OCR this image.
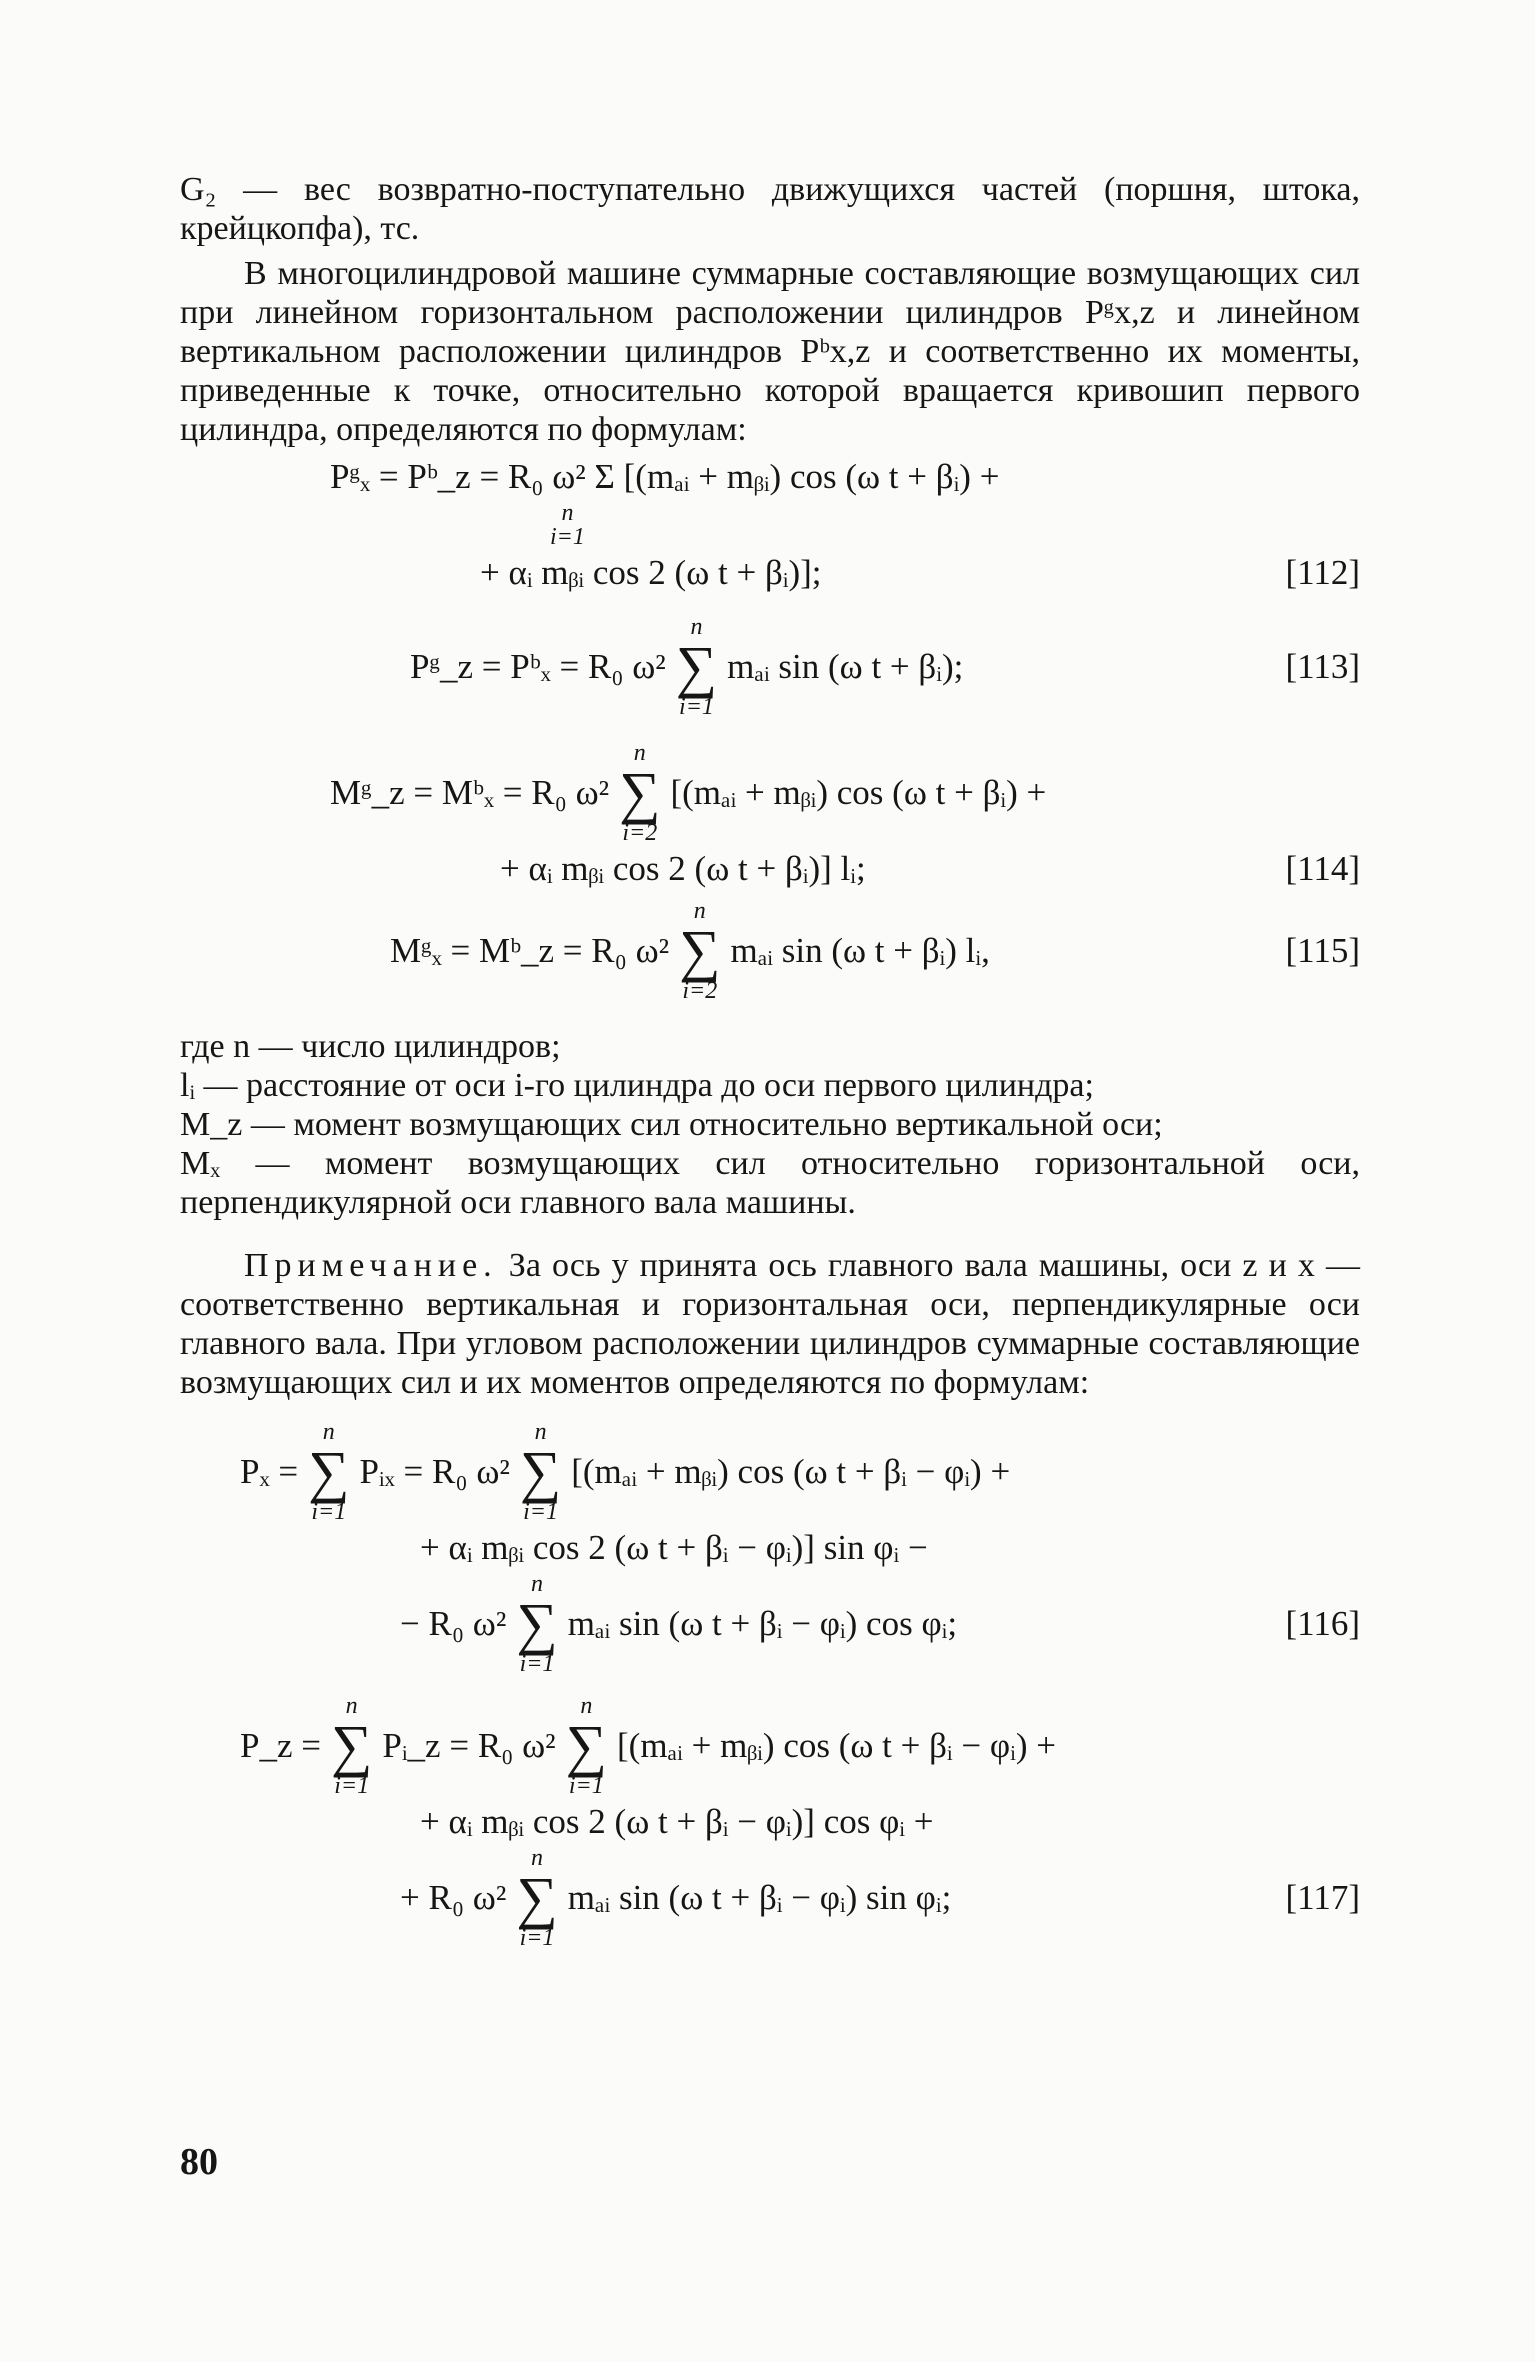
G₂ — вес возвратно-поступательно движущихся частей (поршня, штока, крейцкопфа), тс.

В многоцилиндровой машине суммарные составляющие возмущающих сил при линейном горизонтальном расположении цилиндров Pᵍx,z и линейном вертикальном расположении цилиндров Pᵇx,z и соответственно их моменты, приведенные к точке, относительно которой вращается кривошип первого цилиндра, определяются по формулам:

Pᵍₓ = Pᵇ_z = R₀ ω² Σ [(mₐᵢ + mᵦᵢ) cos (ω t + βᵢ) +
n
i=1
+ αᵢ mᵦᵢ cos 2 (ω t + βᵢ)];	[112]
Pᵍ_z = Pᵇₓ = R₀ ω²
n
∑
i=1
mₐᵢ sin (ω t + βᵢ);	[113]
Mᵍ_z = Mᵇₓ = R₀ ω²
n
∑
i=2
[(mₐᵢ + mᵦᵢ) cos (ω t + βᵢ) +
+ αᵢ mᵦᵢ cos 2 (ω t + βᵢ)] lᵢ;	[114]
Mᵍₓ = Mᵇ_z = R₀ ω²
n
∑
i=2
mₐᵢ sin (ω t + βᵢ) lᵢ,	[115]
где n — число цилиндров;
lᵢ — расстояние от оси i-го цилиндра до оси первого цилиндра;
M_z — момент возмущающих сил относительно вертикальной оси;
Mₓ — момент возмущающих сил относительно горизонтальной оси, перпендикулярной оси главного вала машины.

Примечание. За ось y принята ось главного вала машины, оси z и x — соответственно вертикальная и горизонтальная оси, перпендикулярные оси главного вала. При угловом расположении цилиндров суммарные составляющие возмущающих сил и их моментов определяются по формулам:

Pₓ =
n
∑
i=1
Pᵢₓ = R₀ ω²
n
∑
i=1
[(mₐᵢ + mᵦᵢ) cos (ω t + βᵢ − φᵢ) +
+ αᵢ mᵦᵢ cos 2 (ω t + βᵢ − φᵢ)] sin φᵢ −
− R₀ ω²
n
∑
i=1
mₐᵢ sin (ω t + βᵢ − φᵢ) cos φᵢ;	[116]
P_z =
n
∑
i=1
Pᵢ_z = R₀ ω²
n
∑
i=1
[(mₐᵢ + mᵦᵢ) cos (ω t + βᵢ − φᵢ) +
+ αᵢ mᵦᵢ cos 2 (ω t + βᵢ − φᵢ)] cos φᵢ +
+ R₀ ω²
n
∑
i=1
mₐᵢ sin (ω t + βᵢ − φᵢ) sin φᵢ;	[117]
80
